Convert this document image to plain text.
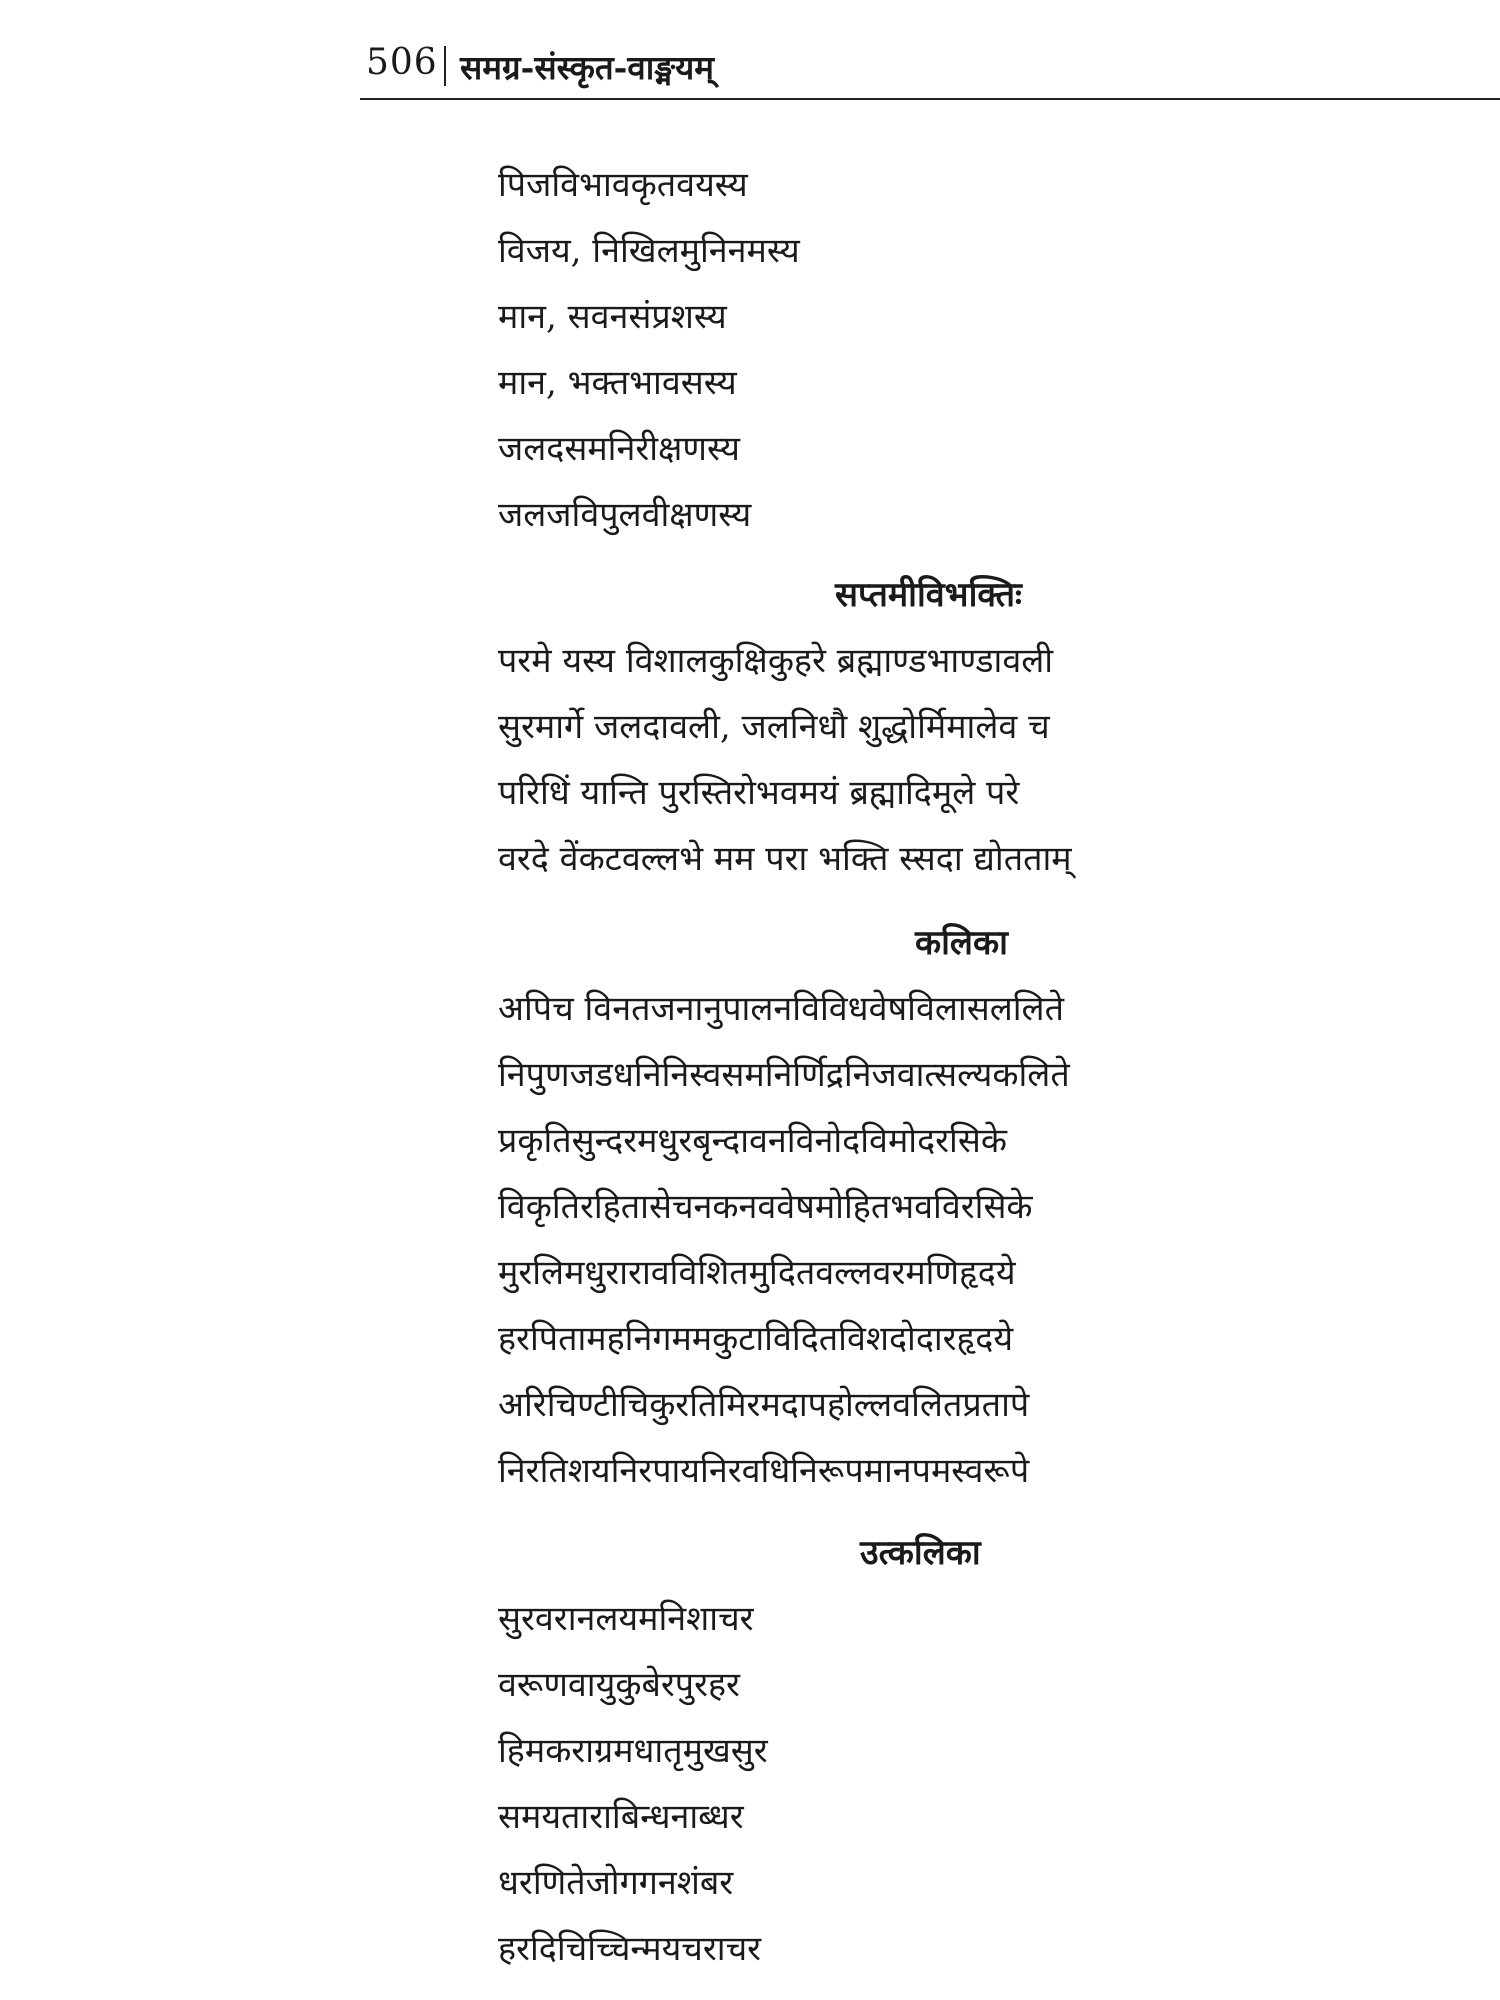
506 समग्र-संस्कृत-वाङ्मयम्
पिजविभावकृतवयस्य
विजय, निखिलमुनिनमस्य
मान, सवनसंप्रशस्य
मान, भक्तभावसस्य
जलदसमनिरीक्षणस्य
जलजविपुलवीक्षणस्य
सप्तमीविभक्तिः
परमे यस्य विशालकुक्षिकुहरे ब्रह्माण्डभाण्डावली
सुरमार्गे जलदावली, जलनिधौ शुद्धोर्मिमालेव च
परिधिं यान्ति पुरस्तिरोभवमयं ब्रह्मादिमूले परे
वरदे वेंकटवल्लभे मम परा भक्ति स्सदा द्योतताम्
कलिका
अपिच विनतजनानुपालनविविधवेषविलासललिते
निपुणजडधनिनिस्वसमनिर्णिद्रनिजवात्सल्यकलिते
प्रकृतिसुन्दरमधुरबृन्दावनविनोदविमोदरसिके
विकृतिरहितासेचनकनववेषमोहितभवविरसिके
मुरलिमधुरारावविशितमुदितवल्लवरमणिहृदये
हरपितामहनिगममकुटाविदितविशदोदारहृदये
अरिचिण्टीचिकुरतिमिरमदापहोल्लवलितप्रतापे
निरतिशयनिरपायनिरवधिनिरूपमानपमस्वरूपे
उत्कलिका
सुरवरानलयमनिशाचर
वरूणवायुकुबेरपुरहर
हिमकराग्रमधातृमुखसुर
समयताराबिन्धनाब्धर
धरणितेजोगगनशंबर
हरदिचिच्चिन्मयचराचर
